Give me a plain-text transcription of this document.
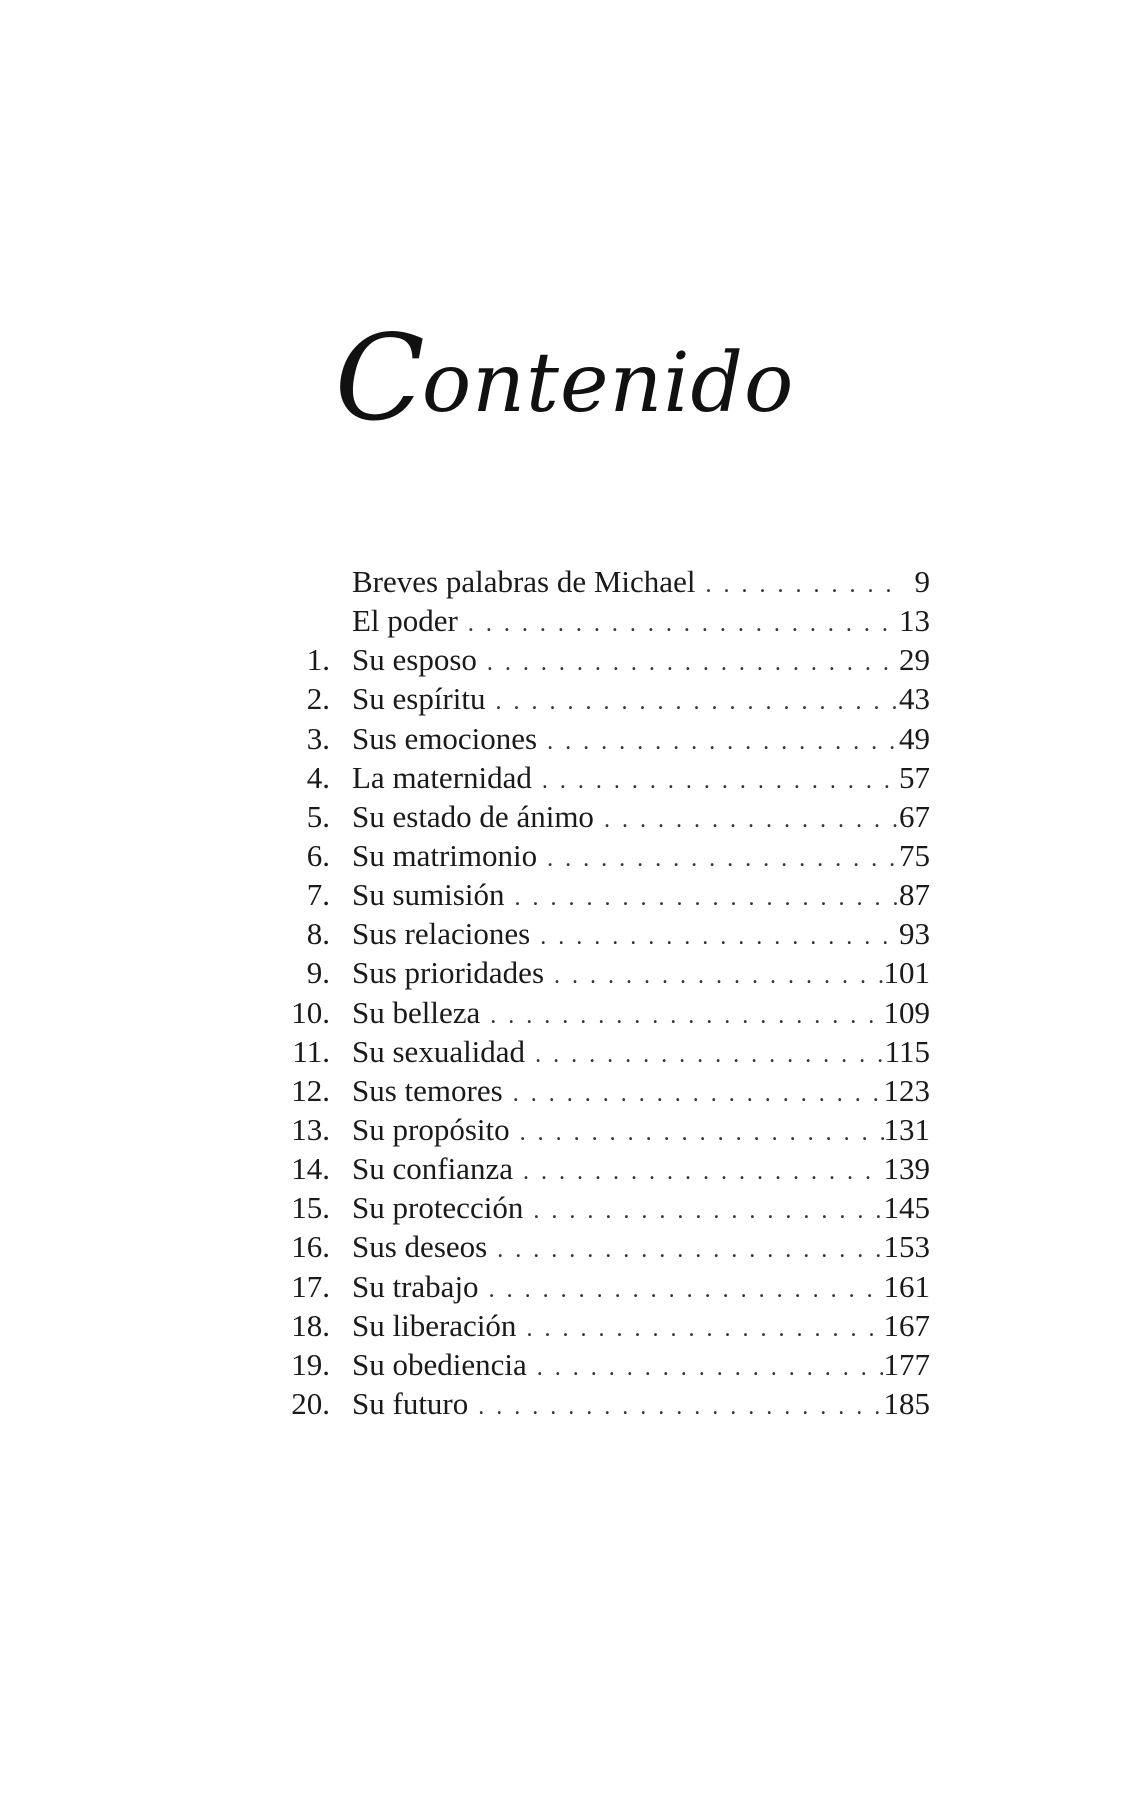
Contenido
Breves palabras de Michael . . .	9
El poder . . .	13
1. Su esposo . . .	29
2. Su espíritu . . .	43
3. Sus emociones . . .	49
4. La maternidad . . .	57
5. Su estado de ánimo . . .	67
6. Su matrimonio . . .	75
7. Su sumisión . . .	87
8. Sus relaciones . . .	93
9. Sus prioridades . . .	101
10. Su belleza . . .	109
11. Su sexualidad . . .	115
12. Sus temores . . .	123
13. Su propósito . . .	131
14. Su confianza . . .	139
15. Su protección . . .	145
16. Sus deseos . . .	153
17. Su trabajo . . .	161
18. Su liberación . . .	167
19. Su obediencia . . .	177
20. Su futuro . . .	185
